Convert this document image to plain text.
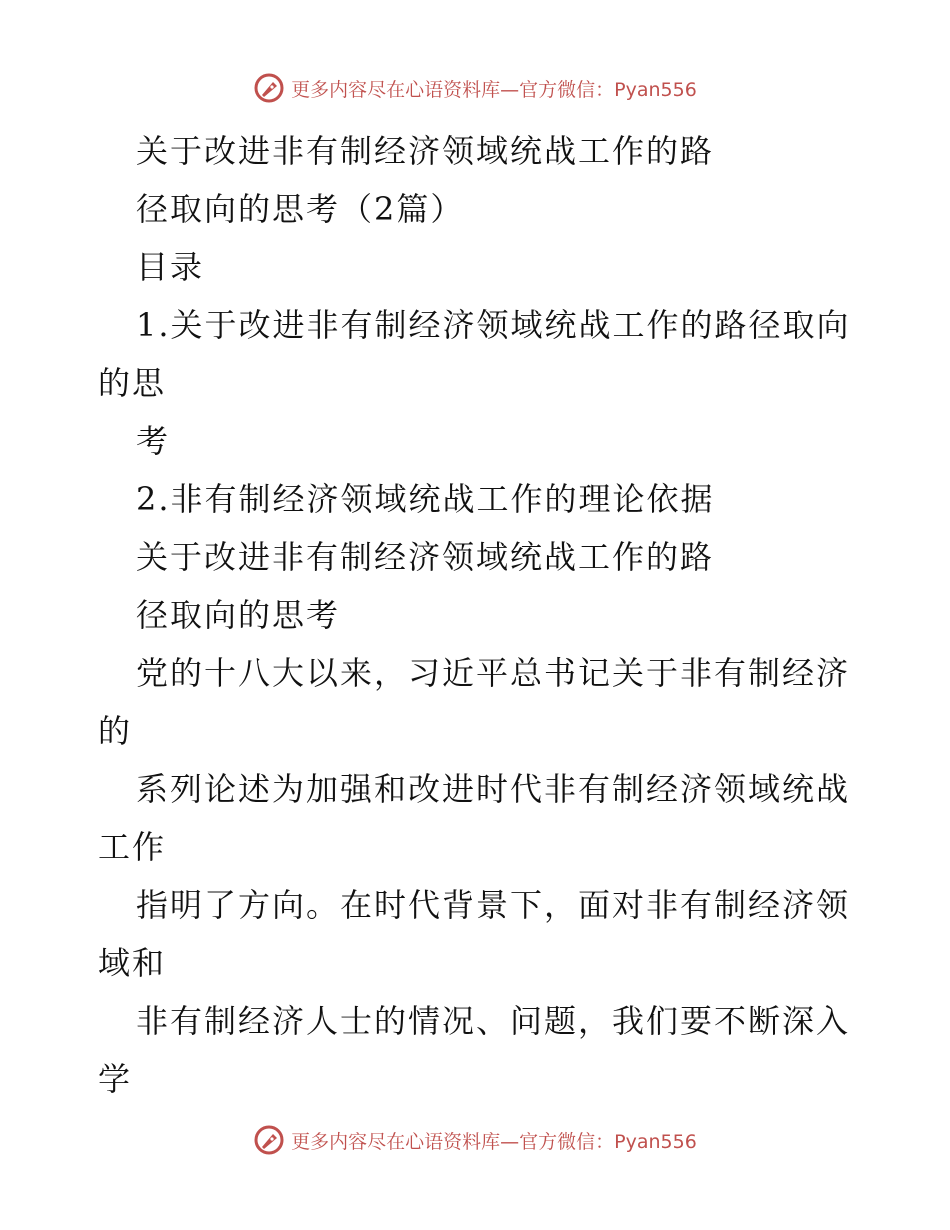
更多内容尽在心语资料库—官方微信：Pyan556
关于改进非有制经济领域统战工作的路
径取向的思考（2篇）
目录
1.关于改进非有制经济领域统战工作的路径取向
的思
考
2.非有制经济领域统战工作的理论依据
关于改进非有制经济领域统战工作的路
径取向的思考
党的十八大以来，习近平总书记关于非有制经济
的
系列论述为加强和改进时代非有制经济领域统战
工作
指明了方向。在时代背景下，面对非有制经济领
域和
非有制经济人士的情况、问题，我们要不断深入
学
更多内容尽在心语资料库—官方微信：Pyan556
